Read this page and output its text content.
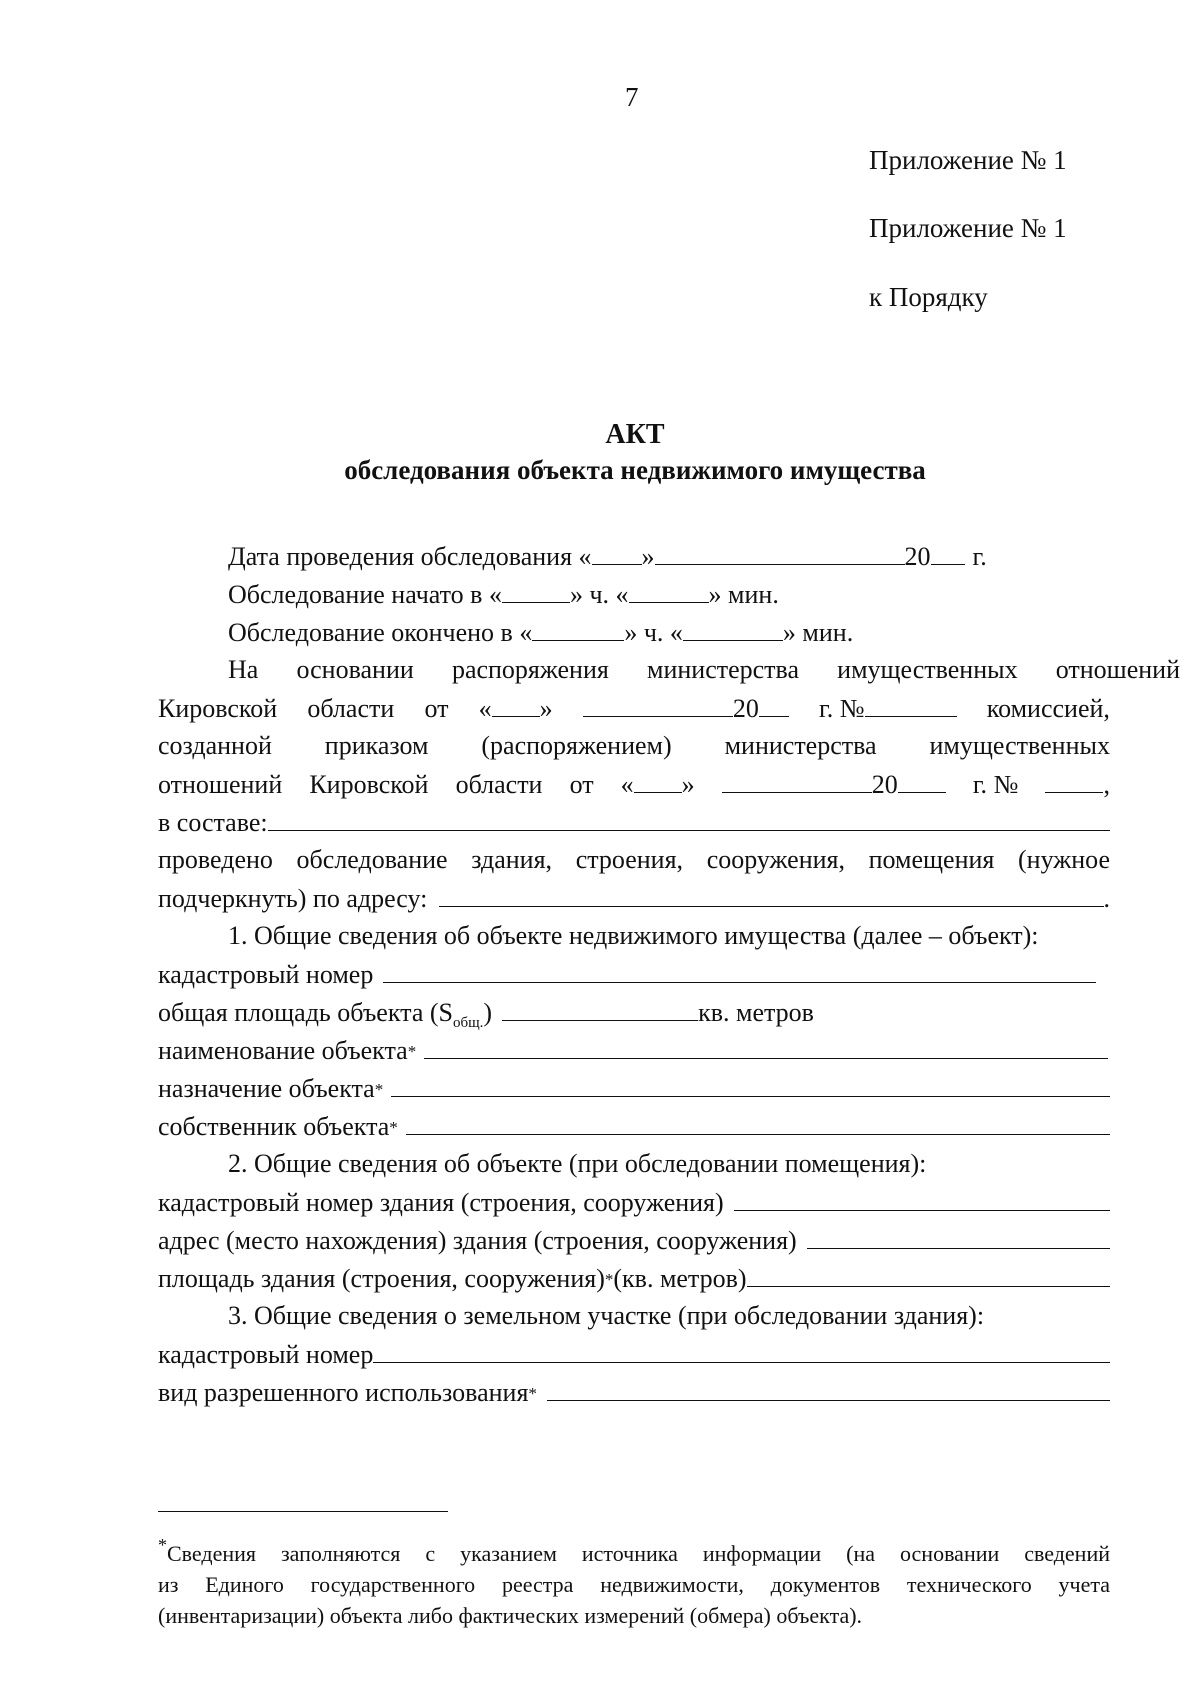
7
Приложение № 1
Приложение № 1
к Порядку
АКТ
обследования объекта недвижимого имущества
Дата проведения обследования « »	20 г.
Обследование начато в «	» ч. «	» мин.
Обследование окончено в «	» ч. «	» мин.
На основании распоряжения министерства имущественных отношений
Кировской области от « »	20	г. №	комиссией,
созданной приказом (распоряжением) министерства имущественных
отношений Кировской области от « »	20	г. №	,
в составе:
проведено обследование здания, строения, сооружения, помещения (нужное
подчеркнуть) по адресу:	.
1. Общие сведения об объекте недвижимого имущества (далее – объект):
кадастровый номер
общая площадь объекта $(S_{общ.})$	кв. метров
наименование объекта*
назначение объекта*
собственник объекта*
2. Общие сведения об объекте (при обследовании помещения):
кадастровый номер здания (строения, сооружения)
адрес (место нахождения) здания (строения, сооружения)
площадь здания (строения, сооружения)* (кв. метров)
3. Общие сведения о земельном участке (при обследовании здания):
кадастровый номер
вид разрешенного использования*
*Сведения заполняются с указанием источника информации (на основании сведений
из Единого государственного реестра недвижимости, документов технического учета
(инвентаризации) объекта либо фактических измерений (обмера) объекта).
